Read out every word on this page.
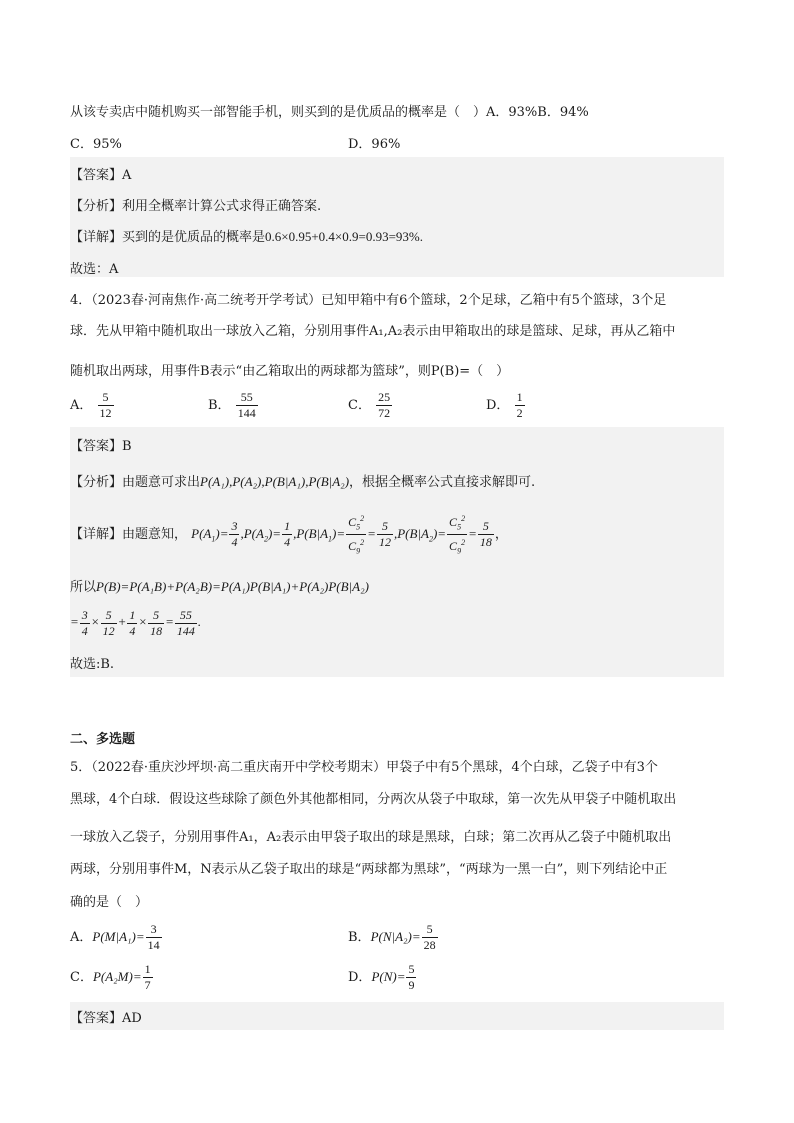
从该专卖店中随机购买一部智能手机，则买到的是优质品的概率是（　）A．93%B．94%
C．95%	D．96%
【答案】A
【分析】利用全概率计算公式求得正确答案.
【详解】买到的是优质品的概率是0.6×0.95+0.4×0.9=0.93=93%.
故选：A
4．（2023春·河南焦作·高二统考开学考试）已知甲箱中有6个篮球，2个足球，乙箱中有5个篮球，3个足
球．先从甲箱中随机取出一球放入乙箱，分别用事件A₁,A₂表示由甲箱取出的球是篮球、足球，再从乙箱中
随机取出两球，用事件B表示“由乙箱取出的两球都为篮球”，则P(B)=（　）
A． $\frac{5}{12}$	B． $\frac{55}{144}$	C． $\frac{25}{72}$	D． $\frac{1}{2}$
【答案】B
【分析】由题意可求出P(A₁),P(A₂),P(B|A₁),P(B|A₂)，根据全概率公式直接求解即可.
【详解】由题意知， $P(A_1)= \frac{3}{4} ,P(A_2)= \frac{1}{4} ,P(B|A_1)= \frac{C_5^2}{C_9^2} = \frac{5}{12} ,P(B|A_2)= \frac{C_5^2}{C_9^2} = \frac{5}{18}$ ，
所以P(B)=P(A₁B)+P(A₂B)=P(A₁)P(B|A₁)+P(A₂)P(B|A₂)
= $\frac{3}{4} \times \frac{5}{12} + \frac{1}{4} \times \frac{5}{18} = \frac{55}{144}$ .
故选:B.
二、多选题
5．（2022春·重庆沙坪坝·高二重庆南开中学校考期末）甲袋子中有5个黑球，4个白球，乙袋子中有3个
黑球，4个白球．假设这些球除了颜色外其他都相同，分两次从袋子中取球，第一次先从甲袋子中随机取出
一球放入乙袋子，分别用事件A₁，A₂表示由甲袋子取出的球是黑球，白球；第二次再从乙袋子中随机取出
两球，分别用事件M，N表示从乙袋子取出的球是“两球都为黑球”，“两球为一黑一白”，则下列结论中正
确的是（　）
A．$P(M|A_1)= \frac{3}{14}$	B．$P(N|A_2)= \frac{5}{28}$
C．$P(A_2M)= \frac{1}{7}$	D．$P(N)= \frac{5}{9}$
【答案】AD
